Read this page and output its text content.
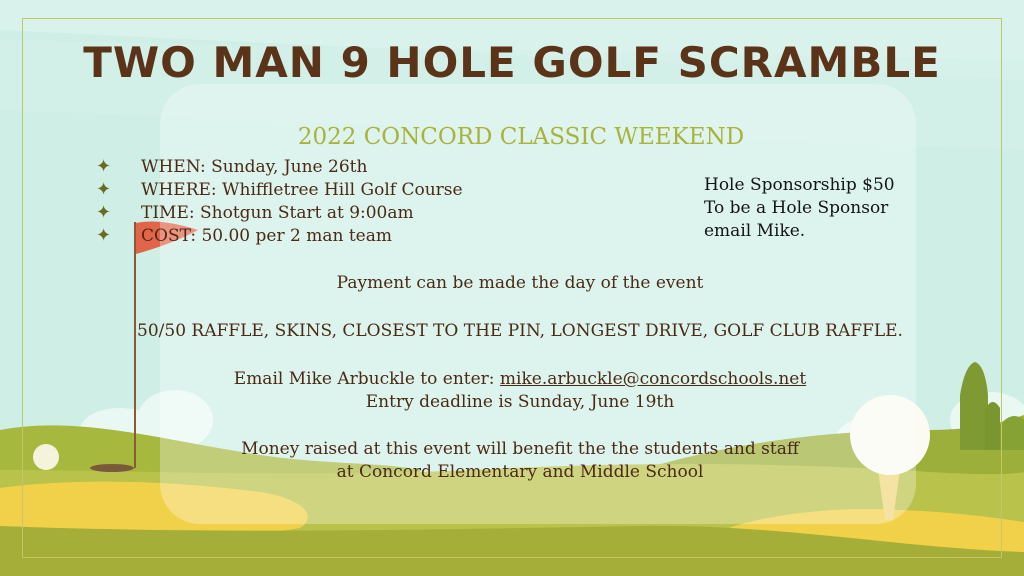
TWO MAN 9 HOLE GOLF SCRAMBLE
2022 CONCORD CLASSIC WEEKEND
✦ WHEN: Sunday, June 26th
✦ WHERE: Whiffletree Hill Golf Course
✦ TIME: Shotgun Start at 9:00am
✦ COST: 50.00 per 2 man team
Hole Sponsorship $50
To be a Hole Sponsor
email Mike.
Payment can be made the day of the event
50/50 RAFFLE, SKINS, CLOSEST TO THE PIN, LONGEST DRIVE, GOLF CLUB RAFFLE.
Email Mike Arbuckle to enter: mike.arbuckle@concordschools.net
Entry deadline is Sunday, June 19th
Money raised at this event will benefit the the students and staff
at Concord Elementary and Middle School
